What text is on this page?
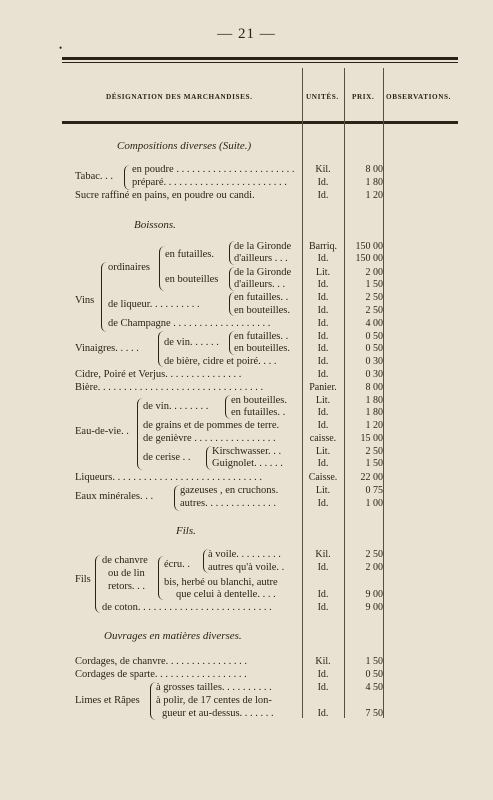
— 21 —
•
DÉSIGNATION DES MARCHANDISES.	UNITÉS. PRIX. OBSERVATIONS.
Compositions diverses (Suite.)
Tabac. . .
en poudre . . . . . . . . . . . . . . . . . . . . . . .
préparé. . . . . . . . . . . . . . . . . . . . . . . .
Sucre raffiné en pains, en poudre ou candi.
Boissons.
Vins
ordinaires
en futailles.
en bouteilles
de la Gironde
d'ailleurs . . .
de la Gironde
d'ailleurs. . .
de liqueur. . . . . . . . . .
en futailles. .
en bouteilles.
de Champagne . . . . . . . . . . . . . . . . . . .
Vinaigres. . . . .
de vin. . . . . .
en futailles. .
en bouteilles.
de bière, cidre et poiré. . . .
Cidre, Poiré et Verjus. . . . . . . . . . . . . . .
Bière. . . . . . . . . . . . . . . . . . . . . . . . . . . . . . . .
Eau-de-vie. .
de vin. . . . . . . .
en bouteilles.
en futailles. .
de grains et de pommes de terre.
de genièvre . . . . . . . . . . . . . . . .
de cerise . .
Kirschwasser. . .
Guignolet. . . . . .
Liqueurs. . . . . . . . . . . . . . . . . . . . . . . . . . . . .
Eaux minérales. . .
gazeuses , en cruchons.
autres. . . . . . . . . . . . . .
Fils.
Fils
de chanvre
ou de lin
retors. . .
écru. .
à voile. . . . . . . . .
autres qu'à voile. .
bis, herbé ou blanchi, autre
que celui à dentelle. . . .
de coton. . . . . . . . . . . . . . . . . . . . . . . . . .
Ouvrages en matières diverses.
Cordages, de chanvre. . . . . . . . . . . . . . . .
Cordages de sparte. . . . . . . . . . . . . . . . . .
Limes et Râpes
à grosses tailles. . . . . . . . . .
à polir, de 17 centes de lon-
gueur et au-dessus. . . . . . .
Kil.
Id.
Id.
Barriq.
Id.
Lit.
Id.
Id.
Id.
Id.
Id.
Id.
Id.
Id.
Panier.
Lit.
Id.
Id.
caisse.
Lit.
Id.
Caisse.
Lit.
Id.
Kil.
Id.
Id.
Id.
Kil.
Id.
Id.
Id.
8 00
1 80
1 20
150 00
150 00
2 00
1 50
2 50
2 50
4 00
0 50
0 50
0 30
0 30
8 00
1 80
1 80
1 20
15 00
2 50
1 50
22 00
0 75
1 00
2 50
2 00
9 00
9 00
1 50
0 50
4 50
7 50
